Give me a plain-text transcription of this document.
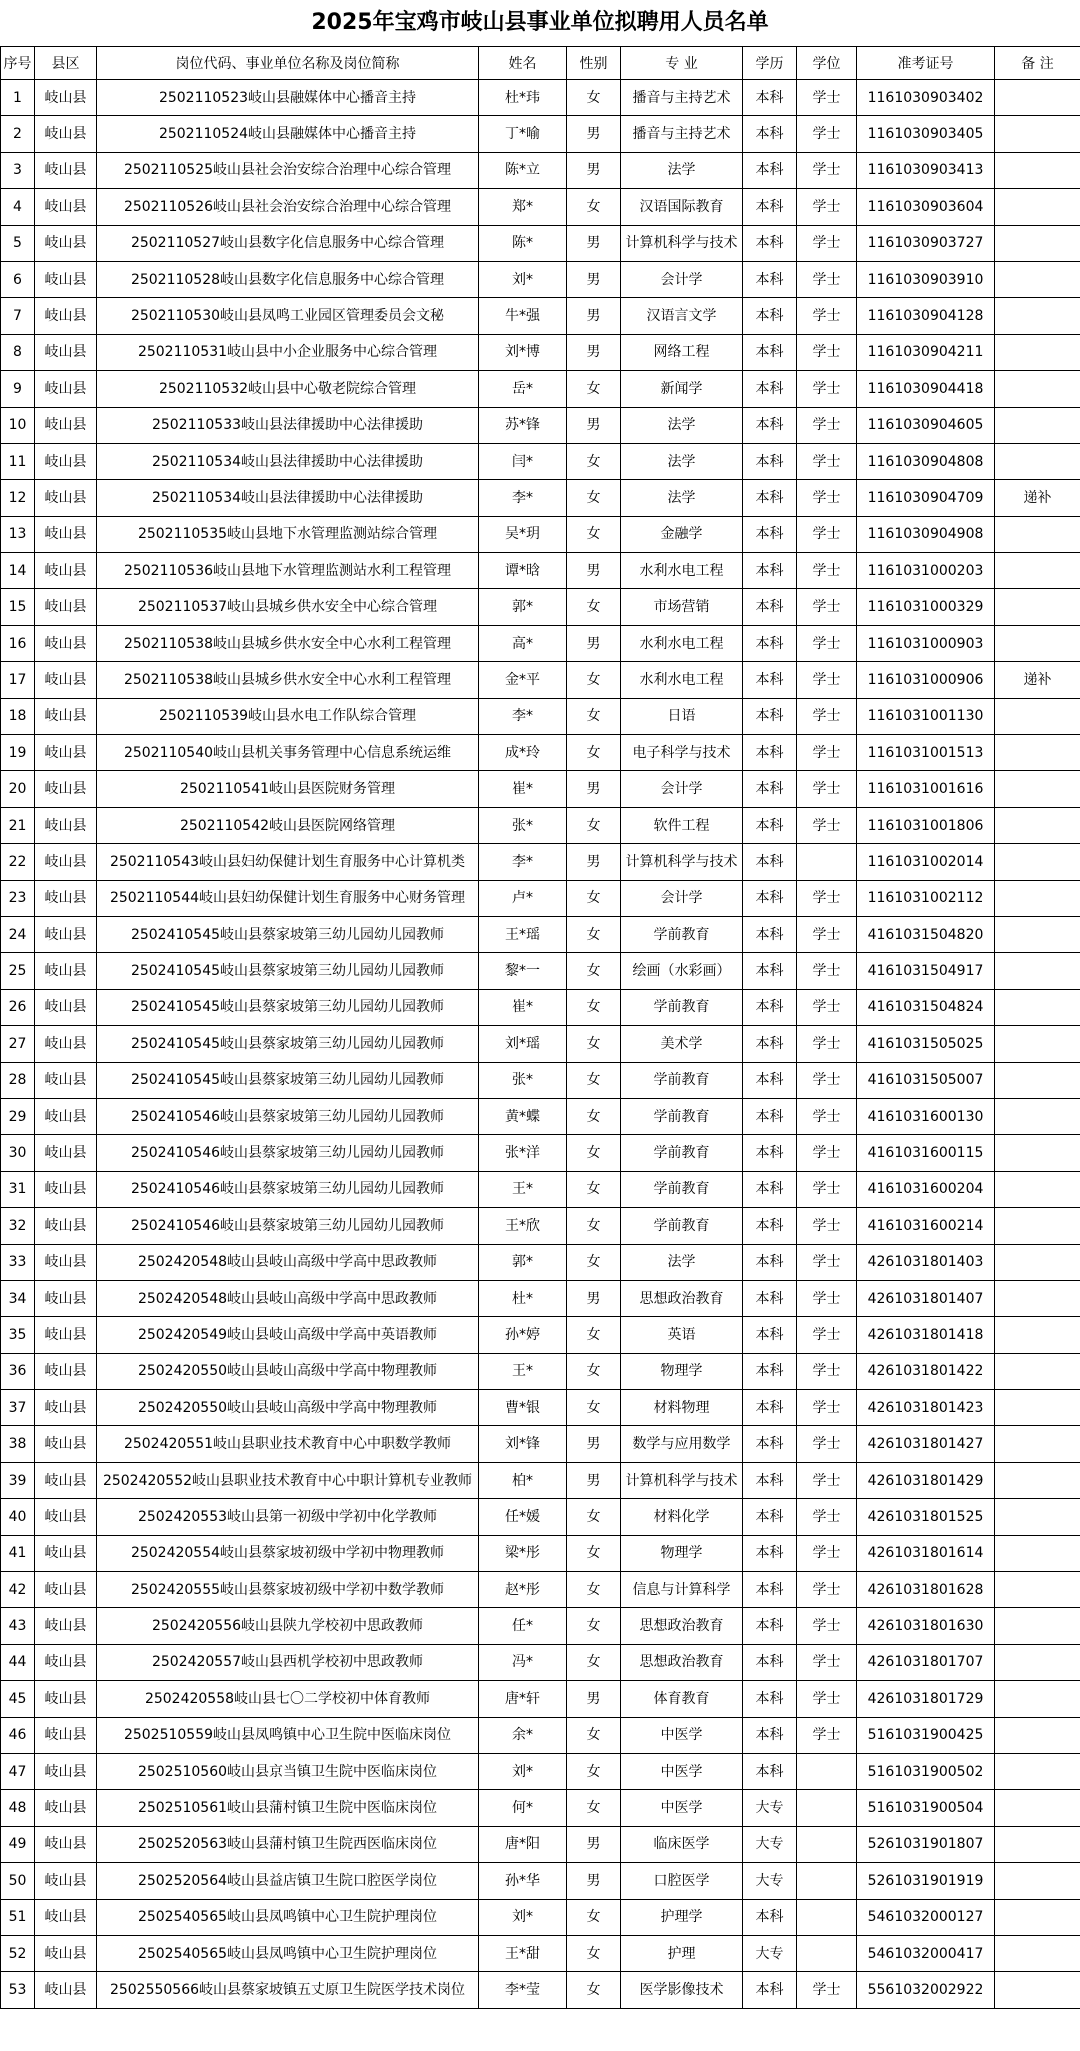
2025年宝鸡市岐山县事业单位拟聘用人员名单
序号	县区	岗位代码、事业单位名称及岗位简称	姓名	性别	专 业	学历	学位	准考证号	备 注
1	岐山县	2502110523岐山县融媒体中心播音主持	杜*玮	女	播音与主持艺术	本科	学士	1161030903402	
2	岐山县	2502110524岐山县融媒体中心播音主持	丁*喻	男	播音与主持艺术	本科	学士	1161030903405	
3	岐山县	2502110525岐山县社会治安综合治理中心综合管理	陈*立	男	法学	本科	学士	1161030903413	
4	岐山县	2502110526岐山县社会治安综合治理中心综合管理	郑*	女	汉语国际教育	本科	学士	1161030903604	
5	岐山县	2502110527岐山县数字化信息服务中心综合管理	陈*	男	计算机科学与技术	本科	学士	1161030903727	
6	岐山县	2502110528岐山县数字化信息服务中心综合管理	刘*	男	会计学	本科	学士	1161030903910	
7	岐山县	2502110530岐山县凤鸣工业园区管理委员会文秘	牛*强	男	汉语言文学	本科	学士	1161030904128	
8	岐山县	2502110531岐山县中小企业服务中心综合管理	刘*博	男	网络工程	本科	学士	1161030904211	
9	岐山县	2502110532岐山县中心敬老院综合管理	岳*	女	新闻学	本科	学士	1161030904418	
10	岐山县	2502110533岐山县法律援助中心法律援助	苏*锋	男	法学	本科	学士	1161030904605	
11	岐山县	2502110534岐山县法律援助中心法律援助	闫*	女	法学	本科	学士	1161030904808	
12	岐山县	2502110534岐山县法律援助中心法律援助	李*	女	法学	本科	学士	1161030904709	递补
13	岐山县	2502110535岐山县地下水管理监测站综合管理	吴*玥	女	金融学	本科	学士	1161030904908	
14	岐山县	2502110536岐山县地下水管理监测站水利工程管理	谭*晗	男	水利水电工程	本科	学士	1161031000203	
15	岐山县	2502110537岐山县城乡供水安全中心综合管理	郭*	女	市场营销	本科	学士	1161031000329	
16	岐山县	2502110538岐山县城乡供水安全中心水利工程管理	高*	男	水利水电工程	本科	学士	1161031000903	
17	岐山县	2502110538岐山县城乡供水安全中心水利工程管理	金*平	女	水利水电工程	本科	学士	1161031000906	递补
18	岐山县	2502110539岐山县水电工作队综合管理	李*	女	日语	本科	学士	1161031001130	
19	岐山县	2502110540岐山县机关事务管理中心信息系统运维	成*玲	女	电子科学与技术	本科	学士	1161031001513	
20	岐山县	2502110541岐山县医院财务管理	崔*	男	会计学	本科	学士	1161031001616	
21	岐山县	2502110542岐山县医院网络管理	张*	女	软件工程	本科	学士	1161031001806	
22	岐山县	2502110543岐山县妇幼保健计划生育服务中心计算机类	李*	男	计算机科学与技术	本科		1161031002014	
23	岐山县	2502110544岐山县妇幼保健计划生育服务中心财务管理	卢*	女	会计学	本科	学士	1161031002112	
24	岐山县	2502410545岐山县蔡家坡第三幼儿园幼儿园教师	王*瑶	女	学前教育	本科	学士	4161031504820	
25	岐山县	2502410545岐山县蔡家坡第三幼儿园幼儿园教师	黎*一	女	绘画（水彩画）	本科	学士	4161031504917	
26	岐山县	2502410545岐山县蔡家坡第三幼儿园幼儿园教师	崔*	女	学前教育	本科	学士	4161031504824	
27	岐山县	2502410545岐山县蔡家坡第三幼儿园幼儿园教师	刘*瑶	女	美术学	本科	学士	4161031505025	
28	岐山县	2502410545岐山县蔡家坡第三幼儿园幼儿园教师	张*	女	学前教育	本科	学士	4161031505007	
29	岐山县	2502410546岐山县蔡家坡第三幼儿园幼儿园教师	黄*蝶	女	学前教育	本科	学士	4161031600130	
30	岐山县	2502410546岐山县蔡家坡第三幼儿园幼儿园教师	张*洋	女	学前教育	本科	学士	4161031600115	
31	岐山县	2502410546岐山县蔡家坡第三幼儿园幼儿园教师	王*	女	学前教育	本科	学士	4161031600204	
32	岐山县	2502410546岐山县蔡家坡第三幼儿园幼儿园教师	王*欣	女	学前教育	本科	学士	4161031600214	
33	岐山县	2502420548岐山县岐山高级中学高中思政教师	郭*	女	法学	本科	学士	4261031801403	
34	岐山县	2502420548岐山县岐山高级中学高中思政教师	杜*	男	思想政治教育	本科	学士	4261031801407	
35	岐山县	2502420549岐山县岐山高级中学高中英语教师	孙*婷	女	英语	本科	学士	4261031801418	
36	岐山县	2502420550岐山县岐山高级中学高中物理教师	王*	女	物理学	本科	学士	4261031801422	
37	岐山县	2502420550岐山县岐山高级中学高中物理教师	曹*银	女	材料物理	本科	学士	4261031801423	
38	岐山县	2502420551岐山县职业技术教育中心中职数学教师	刘*锋	男	数学与应用数学	本科	学士	4261031801427	
39	岐山县	2502420552岐山县职业技术教育中心中职计算机专业教师	柏*	男	计算机科学与技术	本科	学士	4261031801429	
40	岐山县	2502420553岐山县第一初级中学初中化学教师	任*媛	女	材料化学	本科	学士	4261031801525	
41	岐山县	2502420554岐山县蔡家坡初级中学初中物理教师	梁*彤	女	物理学	本科	学士	4261031801614	
42	岐山县	2502420555岐山县蔡家坡初级中学初中数学教师	赵*彤	女	信息与计算科学	本科	学士	4261031801628	
43	岐山县	2502420556岐山县陕九学校初中思政教师	任*	女	思想政治教育	本科	学士	4261031801630	
44	岐山县	2502420557岐山县西机学校初中思政教师	冯*	女	思想政治教育	本科	学士	4261031801707	
45	岐山县	2502420558岐山县七〇二学校初中体育教师	唐*轩	男	体育教育	本科	学士	4261031801729	
46	岐山县	2502510559岐山县凤鸣镇中心卫生院中医临床岗位	余*	女	中医学	本科	学士	5161031900425	
47	岐山县	2502510560岐山县京当镇卫生院中医临床岗位	刘*	女	中医学	本科		5161031900502	
48	岐山县	2502510561岐山县蒲村镇卫生院中医临床岗位	何*	女	中医学	大专		5161031900504	
49	岐山县	2502520563岐山县蒲村镇卫生院西医临床岗位	唐*阳	男	临床医学	大专		5261031901807	
50	岐山县	2502520564岐山县益店镇卫生院口腔医学岗位	孙*华	男	口腔医学	大专		5261031901919	
51	岐山县	2502540565岐山县凤鸣镇中心卫生院护理岗位	刘*	女	护理学	本科		5461032000127	
52	岐山县	2502540565岐山县凤鸣镇中心卫生院护理岗位	王*甜	女	护理	大专		5461032000417	
53	岐山县	2502550566岐山县蔡家坡镇五丈原卫生院医学技术岗位	李*莹	女	医学影像技术	本科	学士	5561032002922	
